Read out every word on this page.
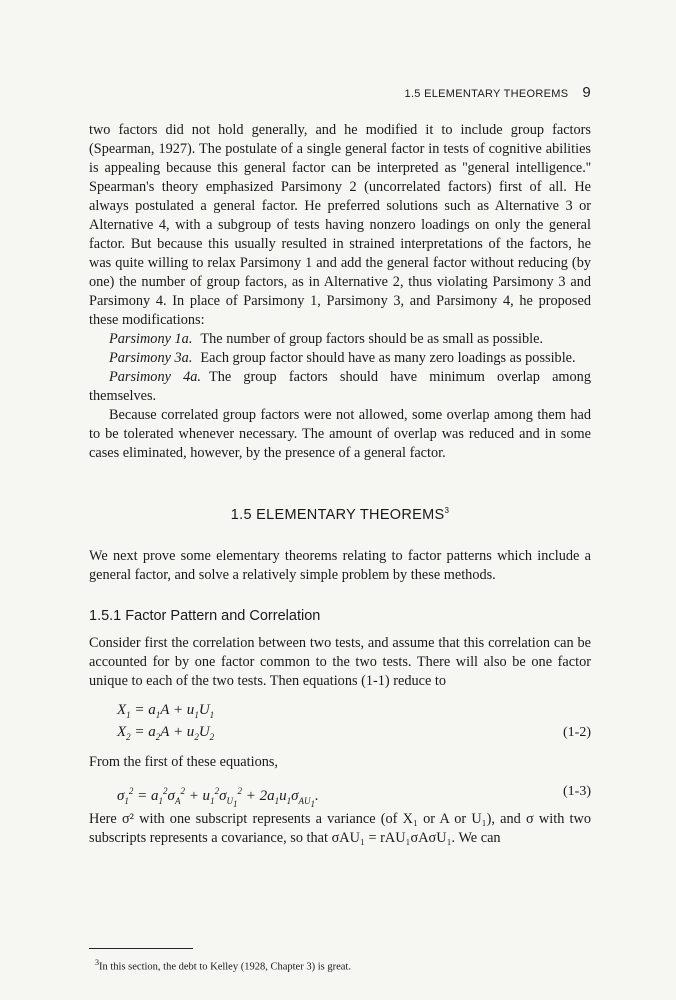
1.5 ELEMENTARY THEOREMS 9

two factors did not hold generally, and he modified it to include group factors (Spearman, 1927). The postulate of a single general factor in tests of cognitive abilities is appealing because this general factor can be interpreted as ''general intelligence.'' Spearman's theory emphasized Parsimony 2 (uncorrelated factors) first of all. He always postulated a general factor. He preferred solutions such as Alternative 3 or Alternative 4, with a subgroup of tests having nonzero loadings on only the general factor. But because this usually resulted in strained interpretations of the factors, he was quite willing to relax Parsimony 1 and add the general factor without reducing (by one) the number of group factors, as in Alternative 2, thus violating Parsimony 3 and Parsimony 4. In place of Parsimony 1, Parsimony 3, and Parsimony 4, he proposed these modifications:

Parsimony 1a. The number of group factors should be as small as possible.

Parsimony 3a. Each group factor should have as many zero loadings as possible.

Parsimony 4a. The group factors should have minimum overlap among themselves.

Because correlated group factors were not allowed, some overlap among them had to be tolerated whenever necessary. The amount of overlap was reduced and in some cases eliminated, however, by the presence of a general factor.

1.5 ELEMENTARY THEOREMS$^3$

We next prove some elementary theorems relating to factor patterns which include a general factor, and solve a relatively simple problem by these methods.

1.5.1 Factor Pattern and Correlation

Consider first the correlation between two tests, and assume that this correlation can be accounted for by one factor common to the two tests. There will also be one factor unique to each of the two tests. Then equations (1-1) reduce to

$X_1 = a_1A + u_1U_1$
$X_2 = a_2A + u_2U_2$	(1-2)

From the first of these equations,

$\sigma_1^2 = a_1^2\sigma_A^2 + u_1^2\sigma_{U_1}^2 + 2a_1u_1\sigma_{AU_1}$.	(1-3)

Here σ² with one subscript represents a variance (of X₁ or A or U₁), and σ with two subscripts represents a covariance, so that σAU₁ = rAU₁σAσU₁. We can

$^3$In this section, the debt to Kelley (1928, Chapter 3) is great.
